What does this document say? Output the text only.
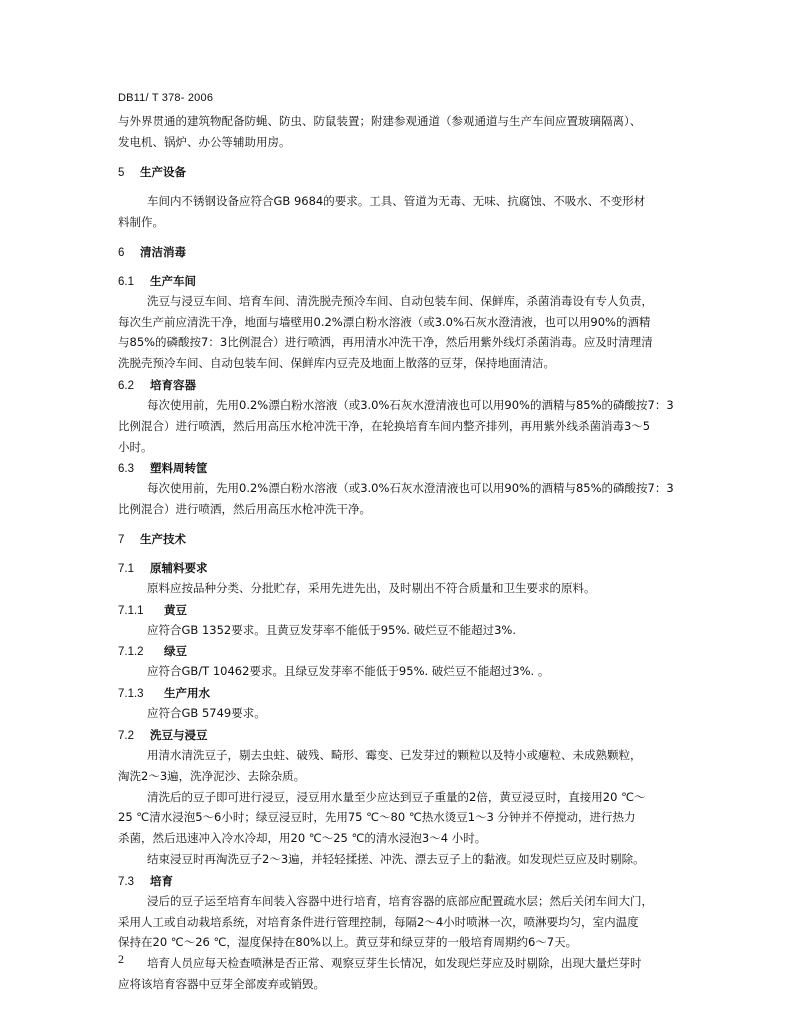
DB11/ T 378- 2006
与外界贯通的建筑物配备防蝇、防虫、防鼠装置；附建参观通道（参观通道与生产车间应置玻璃隔离）、
发电机、锅炉、办公等辅助用房。
5 生产设备
车间内不锈钢设备应符合GB 9684的要求。工具、管道为无毒、无味、抗腐蚀、不吸水、不变形材
料制作。
6 清洁消毒
6.1 生产车间
洗豆与浸豆车间、培育车间、清洗脱壳预冷车间、自动包装车间、保鲜库，杀菌消毒设有专人负责，
每次生产前应清洗干净，地面与墙壁用0.2%漂白粉水溶液（或3.0%石灰水澄清液，也可以用90%的酒精
与85%的磷酸按7：3比例混合）进行喷洒，再用清水冲洗干净，然后用紫外线灯杀菌消毒。应及时清理清
洗脱壳预冷车间、自动包装车间、保鲜库内豆壳及地面上散落的豆芽，保持地面清洁。
6.2 培育容器
每次使用前，先用0.2%漂白粉水溶液（或3.0%石灰水澄清液也可以用90%的酒精与85%的磷酸按7：3
比例混合）进行喷洒，然后用高压水枪冲洗干净，在轮换培育车间内整齐排列，再用紫外线杀菌消毒3～5
小时。
6.3 塑料周转筐
每次使用前，先用0.2%漂白粉水溶液（或3.0%石灰水澄清液也可以用90%的酒精与85%的磷酸按7：3
比例混合）进行喷洒，然后用高压水枪冲洗干净。
7 生产技术
7.1 原辅料要求
原料应按品种分类、分批贮存，采用先进先出，及时剔出不符合质量和卫生要求的原料。
7.1.1 黄豆
应符合GB 1352要求。且黄豆发芽率不能低于95%. 破烂豆不能超过3%.
7.1.2 绿豆
应符合GB/T 10462要求。且绿豆发芽率不能低于95%. 破烂豆不能超过3%. 。
7.1.3 生产用水
应符合GB 5749要求。
7.2 洗豆与浸豆
用清水清洗豆子，剔去虫蛀、破残、畸形、霉变、已发芽过的颗粒以及特小或瘪粒、未成熟颗粒，
淘洗2～3遍，洗净泥沙、去除杂质。
清洗后的豆子即可进行浸豆，浸豆用水量至少应达到豆子重量的2倍，黄豆浸豆时，直接用20 ℃～
25 ℃清水浸泡5～6小时；绿豆浸豆时，先用75 ℃～80 ℃热水烫豆1～3 分钟并不停搅动，进行热力
杀菌，然后迅速冲入冷水冷却，用20 ℃～25 ℃的清水浸泡3～4 小时。
结束浸豆时再淘洗豆子2～3遍，并轻轻揉搓、冲洗、漂去豆子上的黏液。如发现烂豆应及时剔除。
7.3 培育
浸后的豆子运至培育车间装入容器中进行培育，培育容器的底部应配置疏水层；然后关闭车间大门，
采用人工或自动栽培系统，对培育条件进行管理控制，每隔2～4小时喷淋一次，喷淋要均匀，室内温度
保持在20 ℃～26 ℃，湿度保持在80%以上。黄豆芽和绿豆芽的一般培育周期约6～7天。
培育人员应每天检查喷淋是否正常、观察豆芽生长情况，如发现烂芽应及时剔除，出现大量烂芽时
应将该培育容器中豆芽全部废弃或销毁。
2
